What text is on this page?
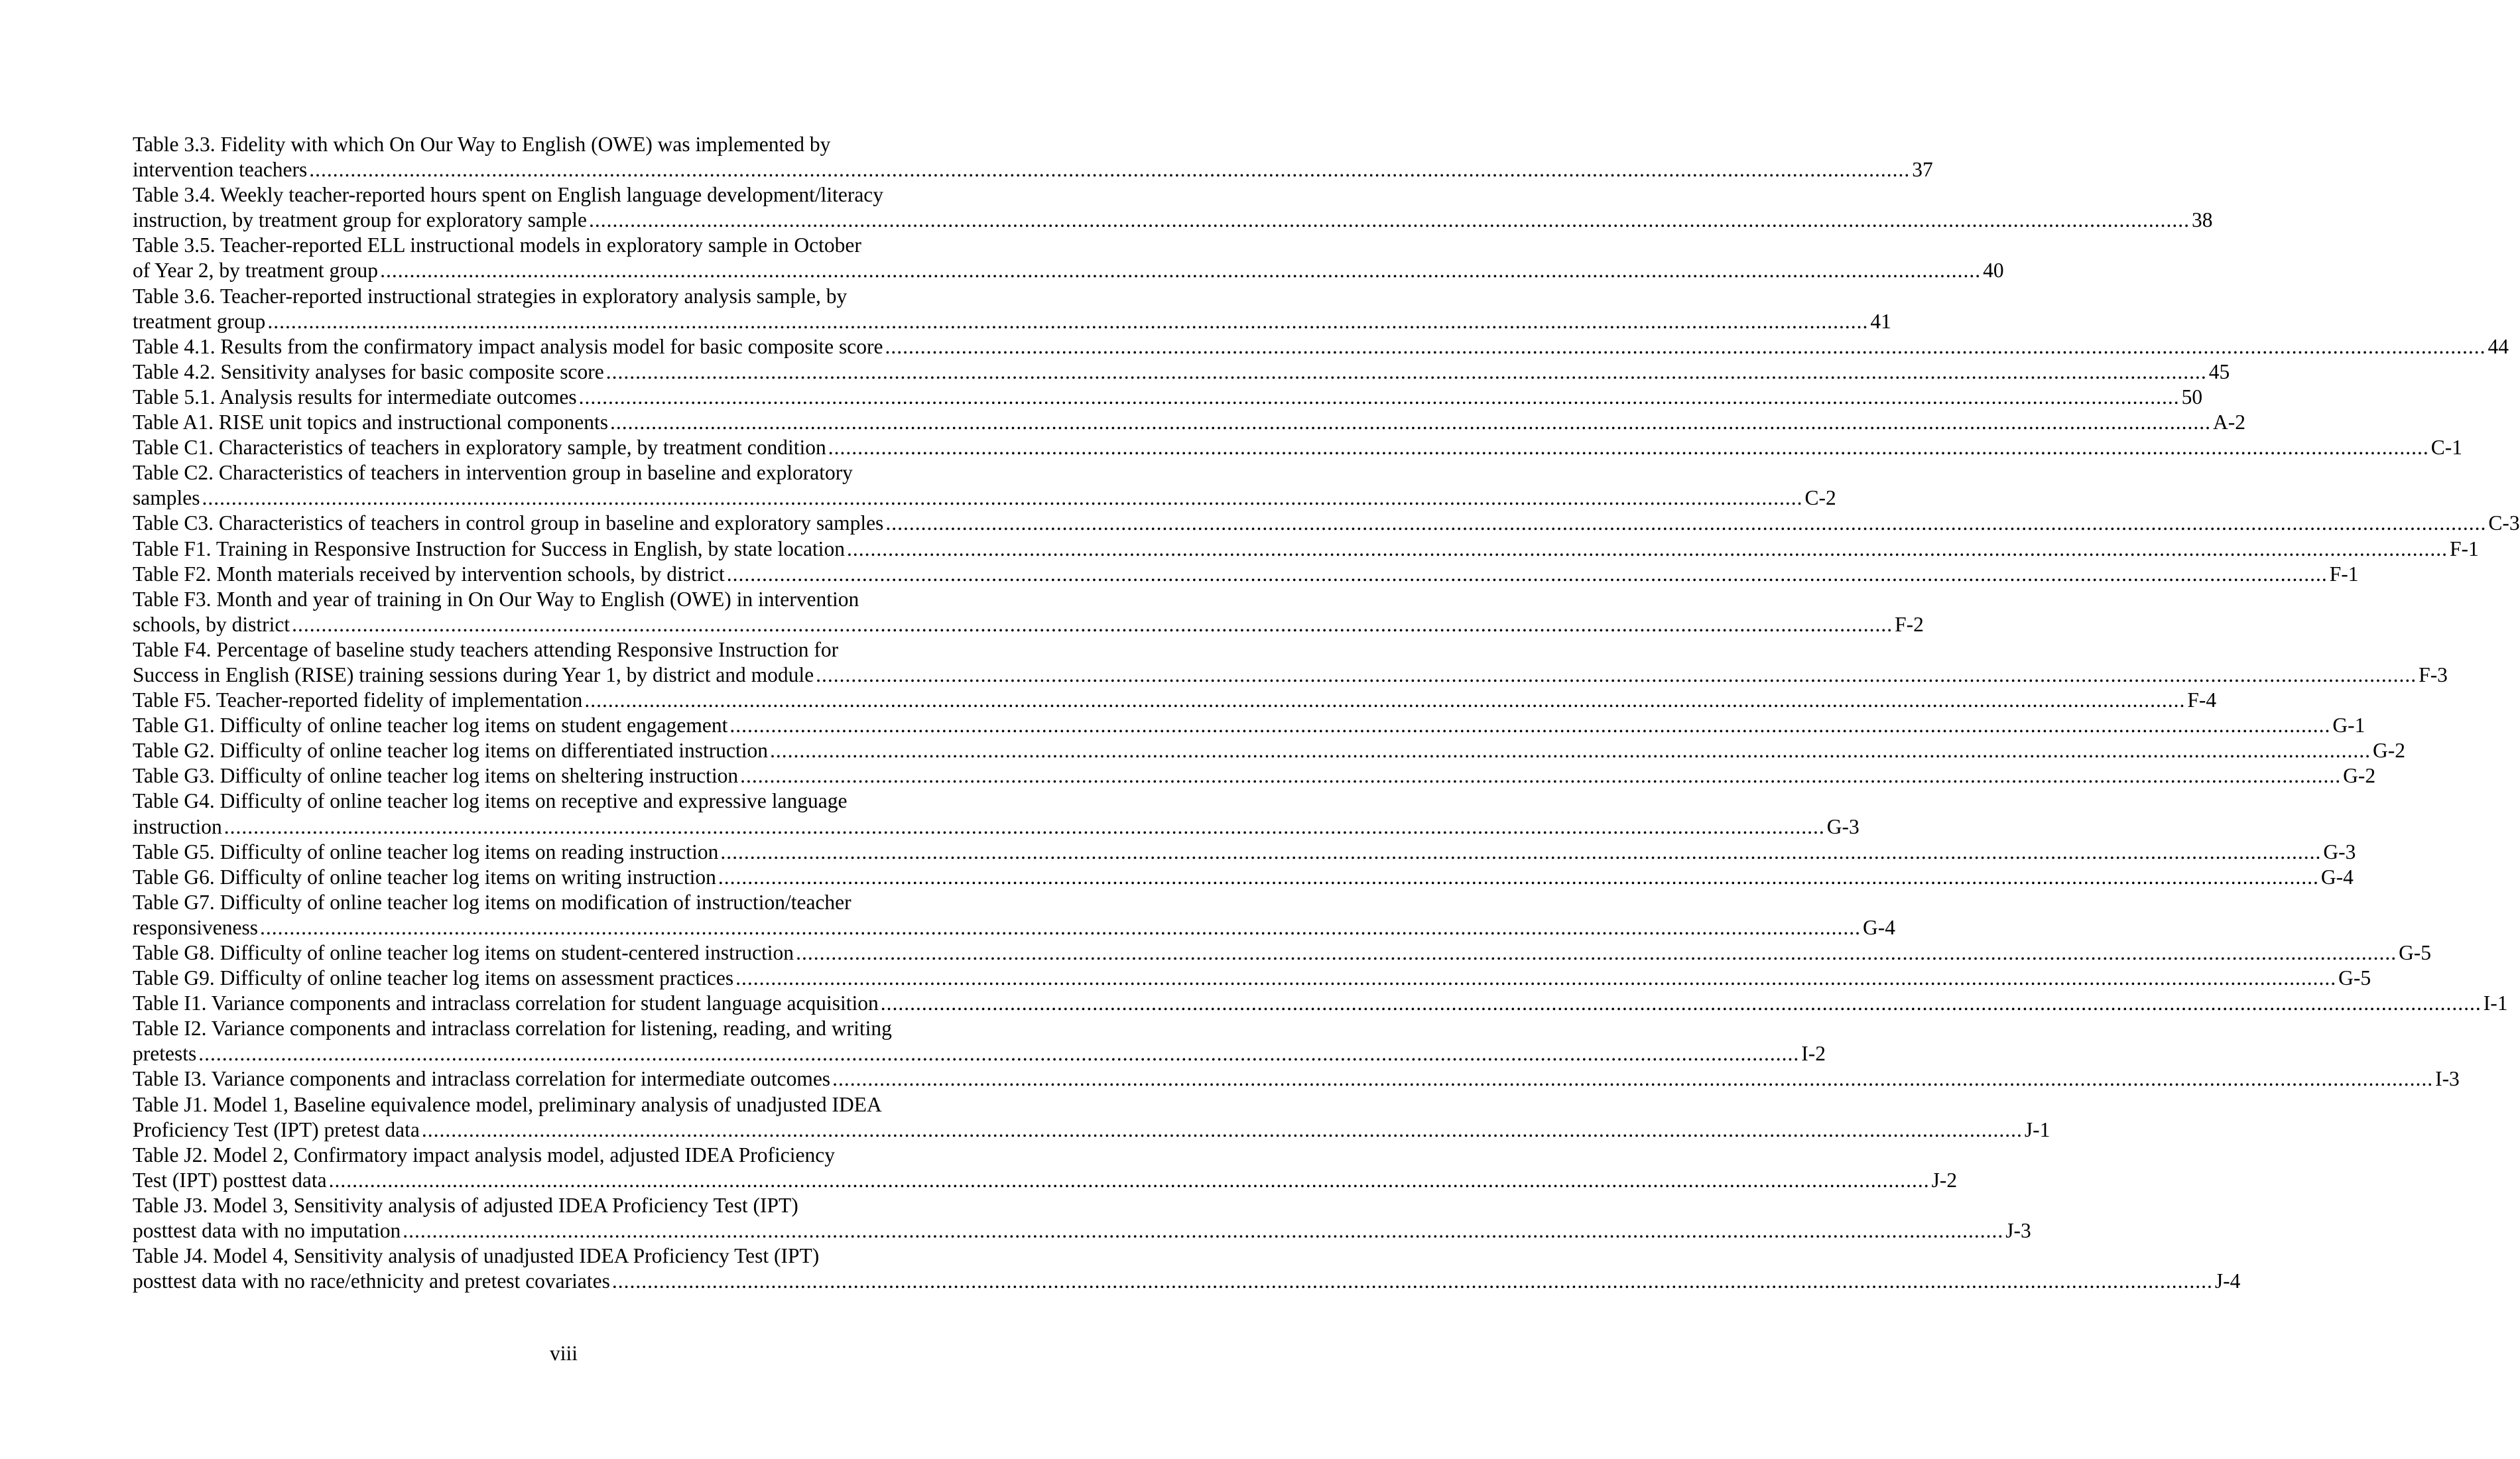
Table 3.3. Fidelity with which On Our Way to English (OWE) was implemented by
intervention teachers .....	37
Table 3.4. Weekly teacher-reported hours spent on English language development/literacy
instruction, by treatment group for exploratory sample .....	38
Table 3.5. Teacher-reported ELL instructional models in exploratory sample in October
of Year 2, by treatment group .....	40
Table 3.6. Teacher-reported instructional strategies in exploratory analysis sample, by
treatment group .....	41
Table 4.1. Results from the confirmatory impact analysis model for basic composite score .....	44
Table 4.2. Sensitivity analyses for basic composite score .....	45
Table 5.1. Analysis results for intermediate outcomes .....	50
Table A1. RISE unit topics and instructional components .....	A-2
Table C1. Characteristics of teachers in exploratory sample, by treatment condition .....	C-1
Table C2. Characteristics of teachers in intervention group in baseline and exploratory
samples .....	C-2
Table C3. Characteristics of teachers in control group in baseline and exploratory samples .....	C-3
Table F1. Training in Responsive Instruction for Success in English, by state location .....	F-1
Table F2. Month materials received by intervention schools, by district .....	F-1
Table F3. Month and year of training in On Our Way to English (OWE) in intervention
schools, by district .....	F-2
Table F4. Percentage of baseline study teachers attending Responsive Instruction for
Success in English (RISE) training sessions during Year 1, by district and module .....	F-3
Table F5. Teacher-reported fidelity of implementation .....	F-4
Table G1. Difficulty of online teacher log items on student engagement .....	G-1
Table G2. Difficulty of online teacher log items on differentiated instruction .....	G-2
Table G3. Difficulty of online teacher log items on sheltering instruction .....	G-2
Table G4. Difficulty of online teacher log items on receptive and expressive language
instruction .....	G-3
Table G5. Difficulty of online teacher log items on reading instruction .....	G-3
Table G6. Difficulty of online teacher log items on writing instruction .....	G-4
Table G7. Difficulty of online teacher log items on modification of instruction/teacher
responsiveness .....	G-4
Table G8. Difficulty of online teacher log items on student-centered instruction .....	G-5
Table G9. Difficulty of online teacher log items on assessment practices .....	G-5
Table I1. Variance components and intraclass correlation for student language acquisition .....	I-1
Table I2. Variance components and intraclass correlation for listening, reading, and writing
pretests .....	I-2
Table I3. Variance components and intraclass correlation for intermediate outcomes .....	I-3
Table J1. Model 1, Baseline equivalence model, preliminary analysis of unadjusted IDEA
Proficiency Test (IPT) pretest data .....	J-1
Table J2. Model 2, Confirmatory impact analysis model, adjusted IDEA Proficiency
Test (IPT) posttest data .....	J-2
Table J3. Model 3, Sensitivity analysis of adjusted IDEA Proficiency Test (IPT)
posttest data with no imputation .....	J-3
Table J4. Model 4, Sensitivity analysis of unadjusted IDEA Proficiency Test (IPT)
posttest data with no race/ethnicity and pretest covariates .....	J-4
viii
